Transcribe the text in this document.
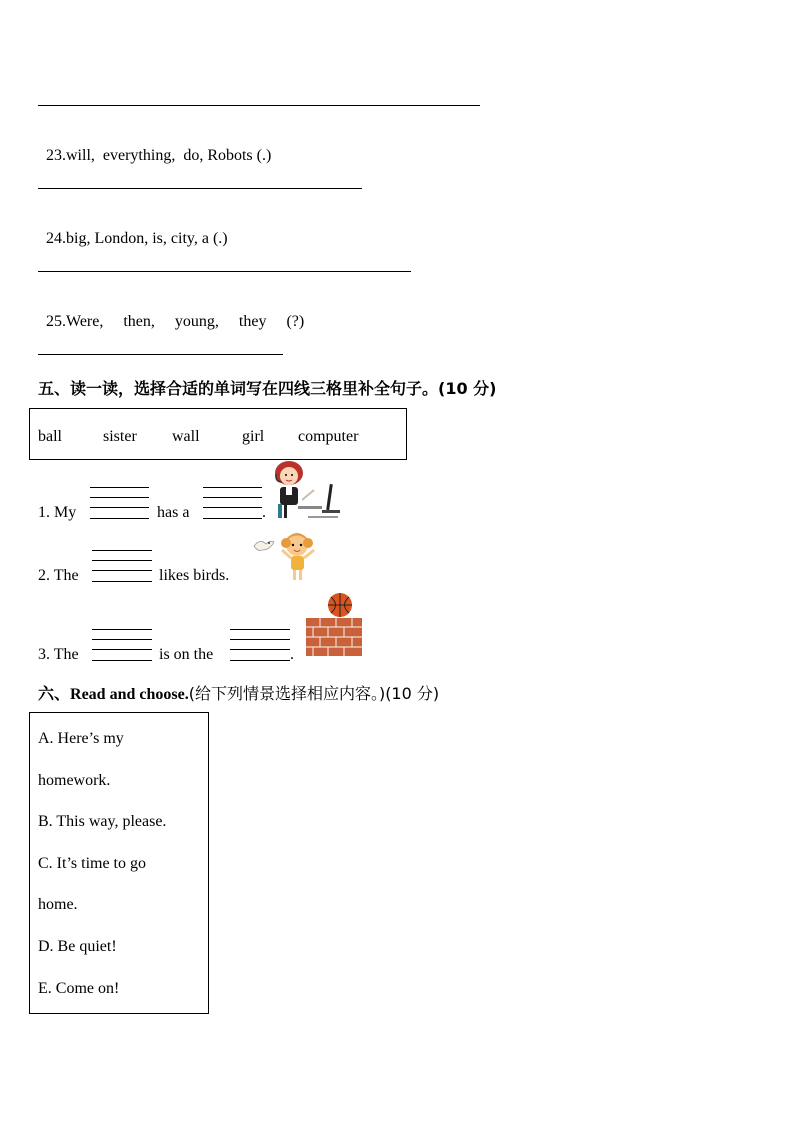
23.will,  everything,  do, Robots (.)

24.big, London, is, city, a (.)

25.Were,     then,     young,     they     (?)

五、读一读，选择合适的单词写在四线三格里补全句子。(10 分)
ball	sister wall	girl computer
1. My	has a	.
2. The	likes birds.
3. The	is on the	.
六、Read and choose.(给下列情景选择相应内容。)(10 分)
A. Here’s my
homework.
B. This way, please.
C. It’s time to go
home.
D. Be quiet!
E. Come on!
